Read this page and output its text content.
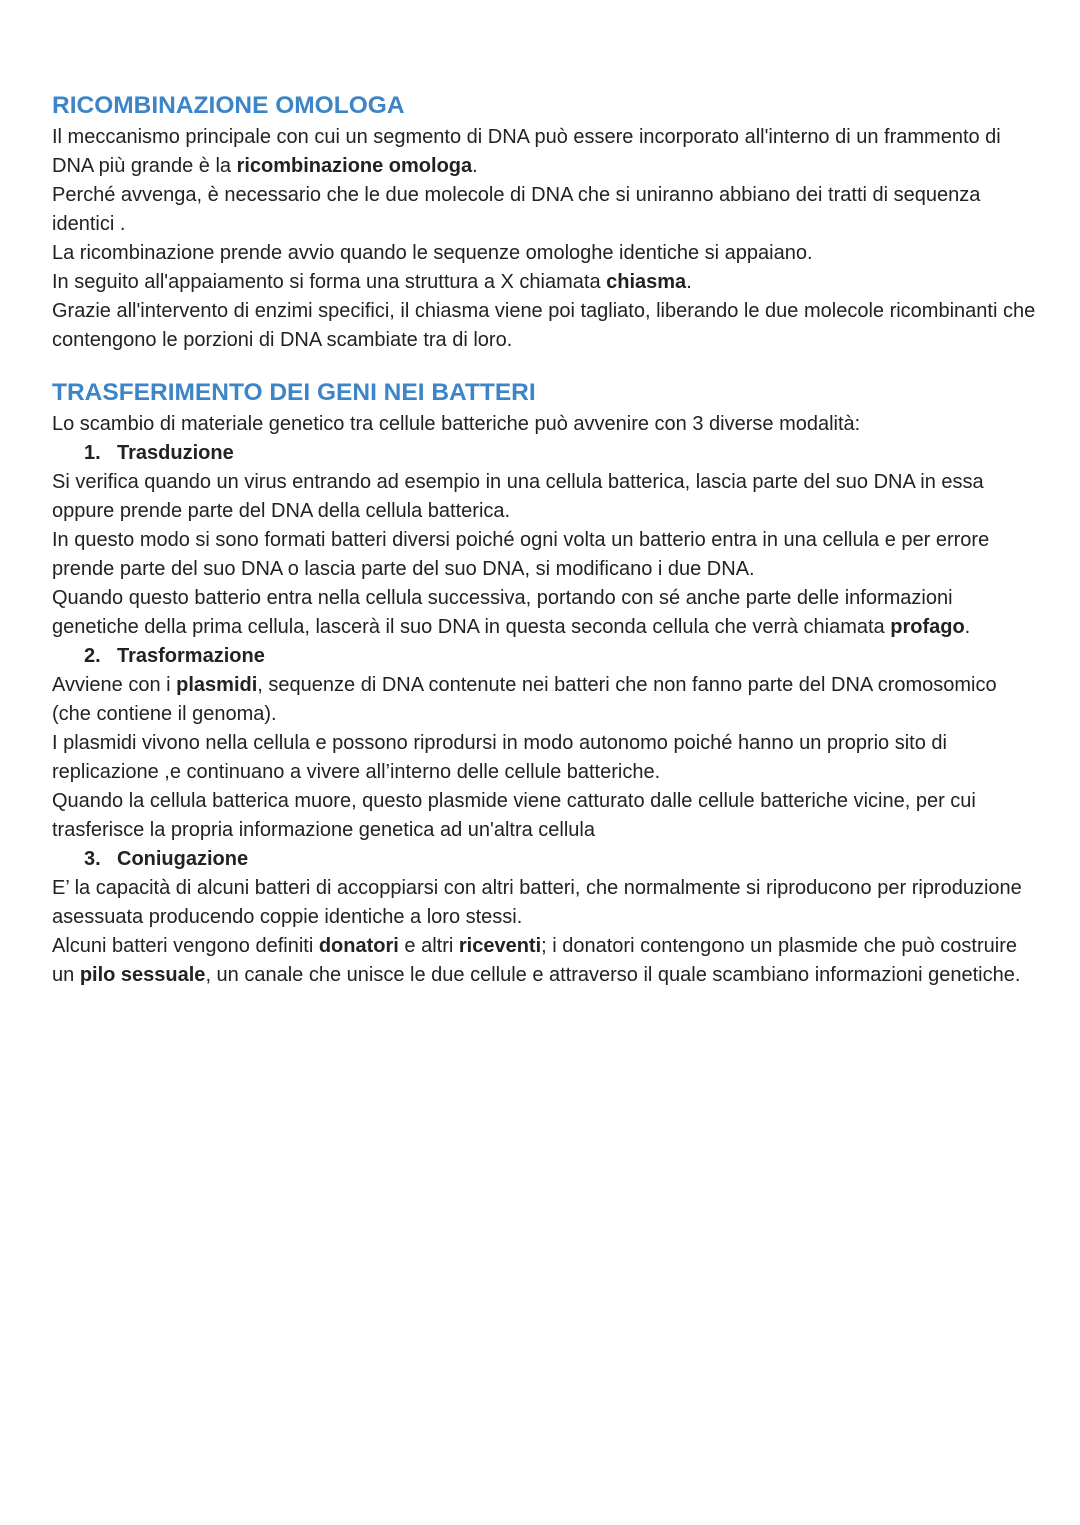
RICOMBINAZIONE OMOLOGA

Il meccanismo principale con cui un segmento di DNA può essere incorporato all'interno di un frammento di DNA più grande è la ricombinazione omologa.

Perché avvenga, è necessario che le due molecole di DNA che si uniranno abbiano dei tratti di sequenza identici .

La ricombinazione prende avvio quando le sequenze omologhe identiche si appaiano.

In seguito all'appaiamento si forma una struttura a X chiamata chiasma.

Grazie all'intervento di enzimi specifici, il chiasma viene poi tagliato, liberando le due molecole ricombinanti che contengono le porzioni di DNA scambiate tra di loro.

TRASFERIMENTO DEI GENI NEI BATTERI

Lo scambio di materiale genetico tra cellule batteriche può avvenire con 3 diverse modalità:

1. Trasduzione

Si verifica quando un virus entrando ad esempio in una cellula batterica, lascia parte del suo DNA in essa oppure prende parte del DNA della cellula batterica.

In questo modo si sono formati batteri diversi poiché ogni volta un batterio entra in una cellula e per errore prende parte del suo DNA o lascia parte del suo DNA, si modificano i due DNA.

Quando questo batterio entra nella cellula successiva, portando con sé anche parte delle informazioni genetiche della prima cellula, lascerà il suo DNA in questa seconda cellula che verrà chiamata profago.

2. Trasformazione

Avviene con i plasmidi, sequenze di DNA contenute nei batteri che non fanno parte del DNA cromosomico (che contiene il genoma).

I plasmidi vivono nella cellula e possono riprodursi in modo autonomo poiché hanno un proprio sito di replicazione ,e continuano a vivere all’interno delle cellule batteriche.

Quando la cellula batterica muore, questo plasmide viene catturato dalle cellule batteriche vicine, per cui trasferisce la propria informazione genetica ad un'altra cellula

3. Coniugazione

E’ la capacità di alcuni batteri di accoppiarsi con altri batteri, che normalmente si riproducono per riproduzione asessuata producendo coppie identiche a loro stessi.

Alcuni batteri vengono definiti donatori e altri riceventi; i donatori contengono un plasmide che può costruire un pilo sessuale, un canale che unisce le due cellule e attraverso il quale scambiano informazioni genetiche.
